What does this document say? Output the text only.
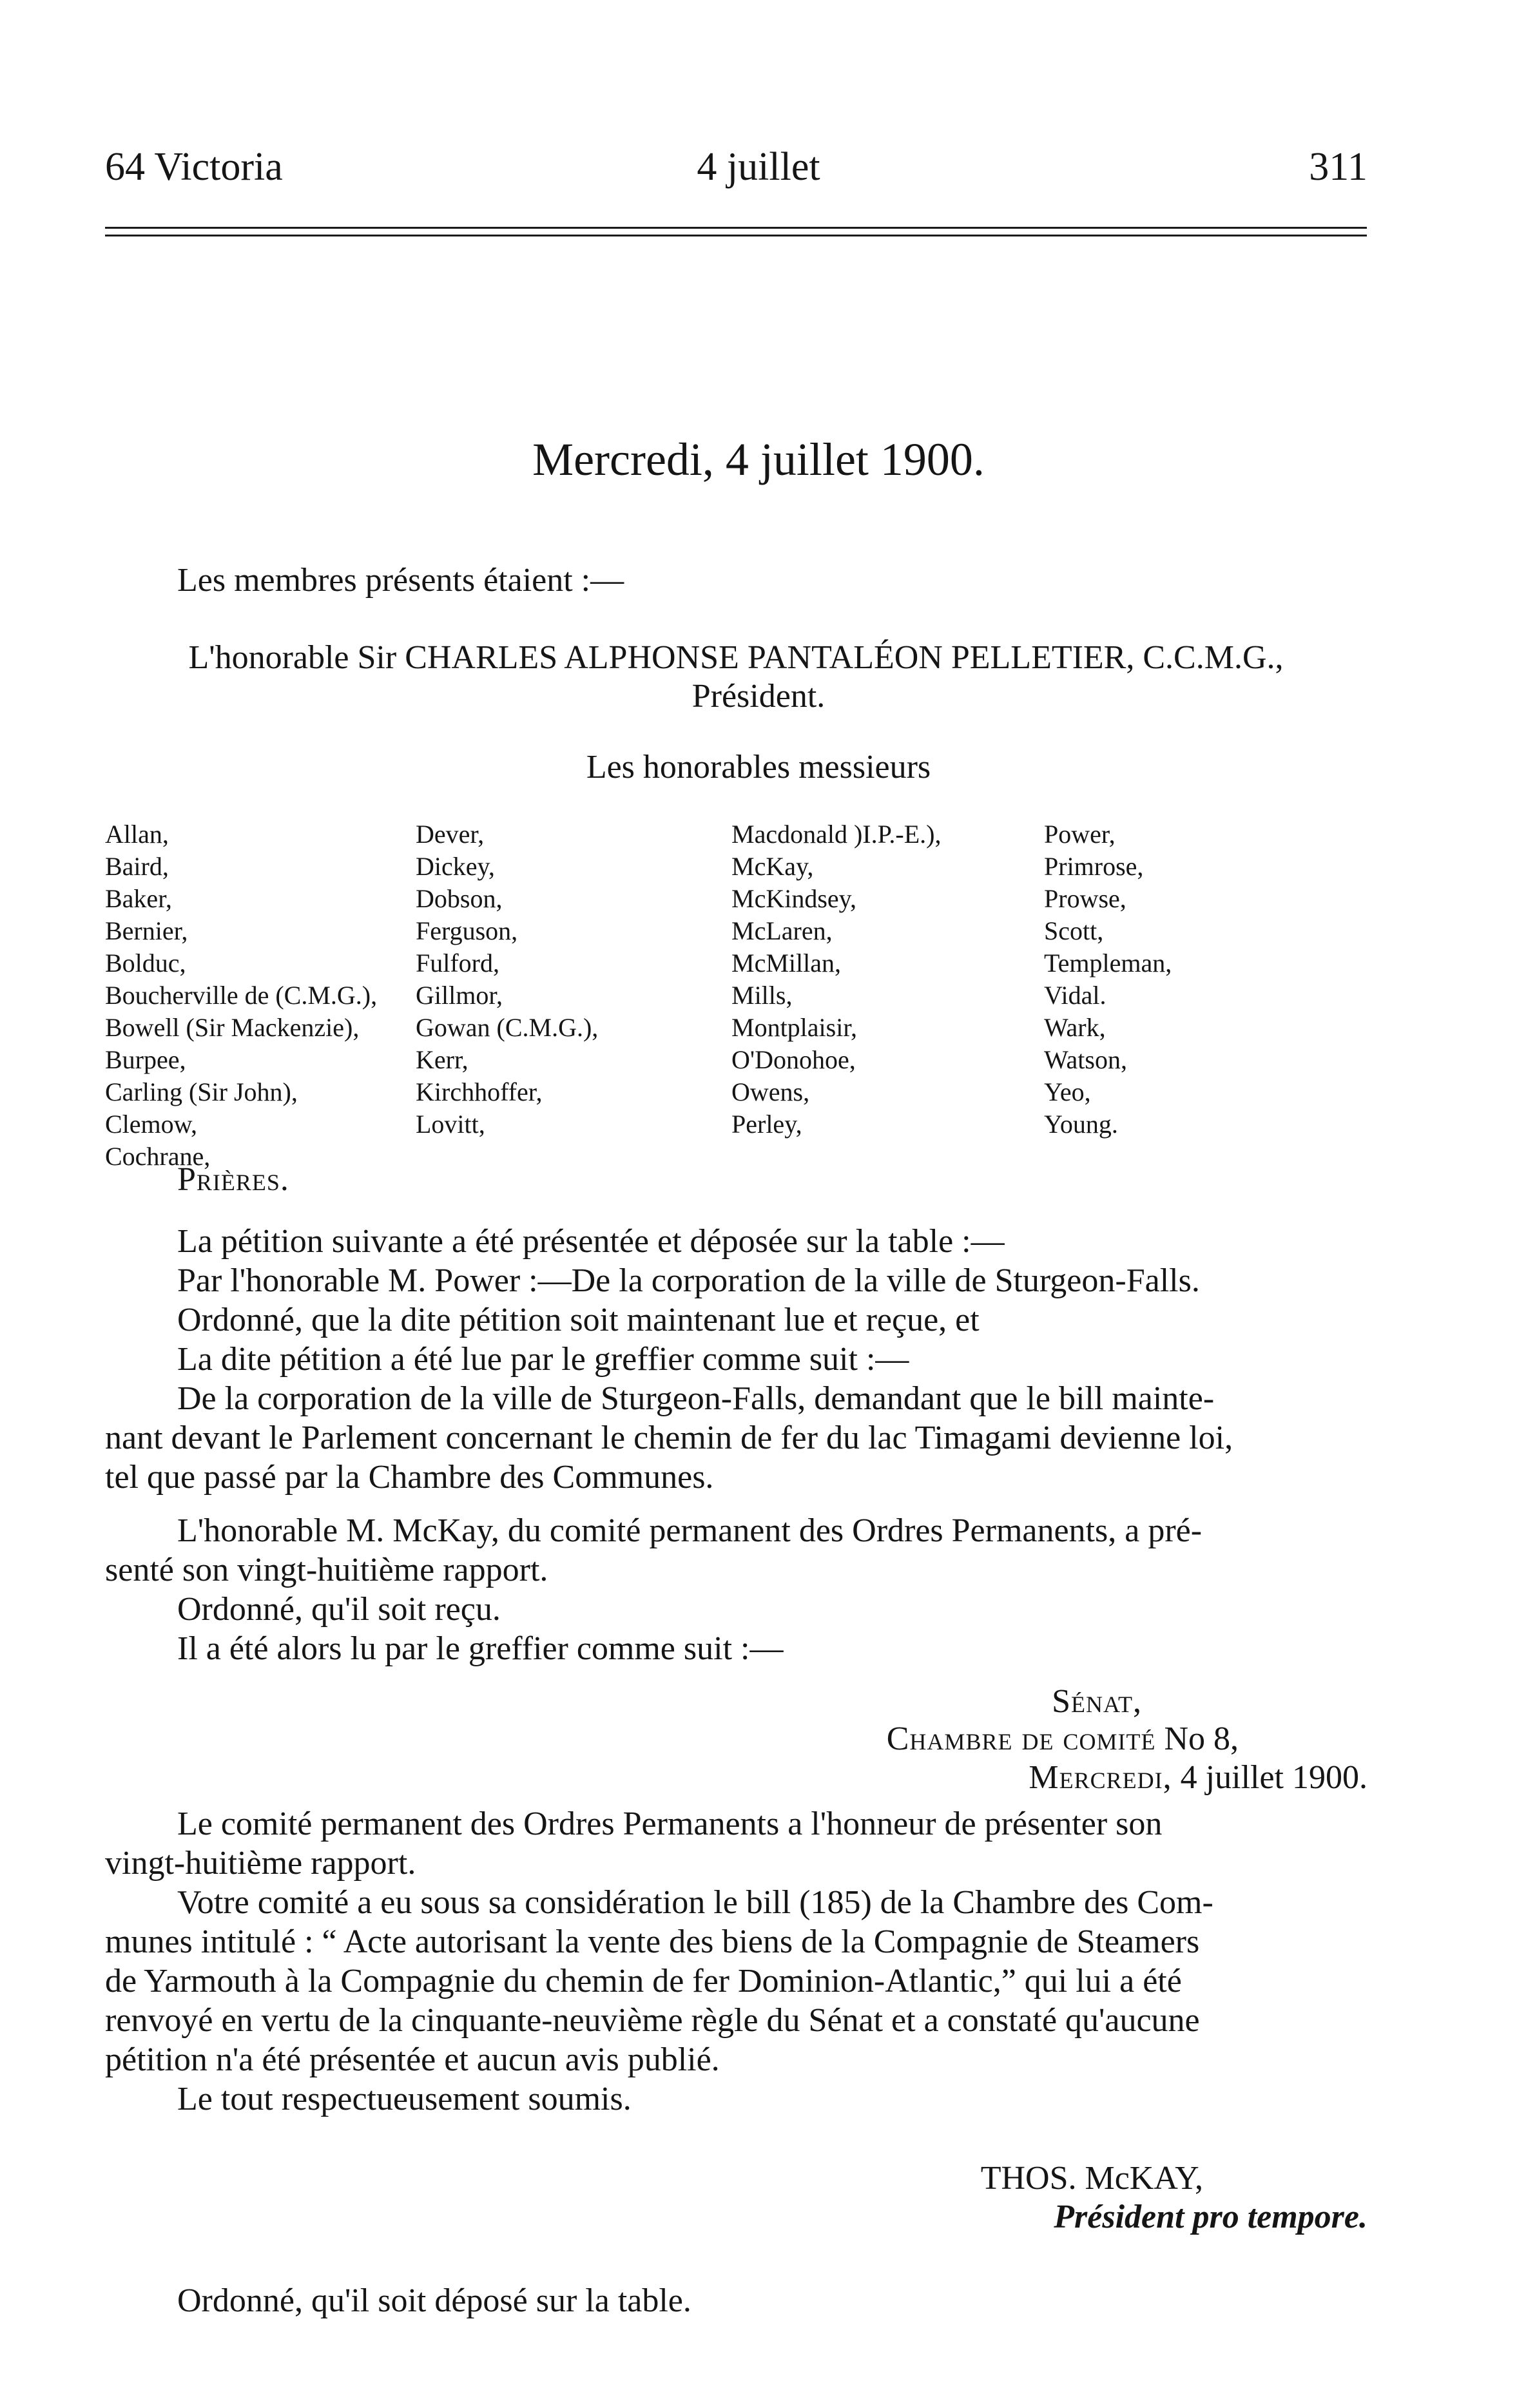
64 Victoria	4 juillet	311
Mercredi, 4 juillet 1900.
Les membres présents étaient :—
L'honorable Sir CHARLES ALPHONSE PANTALÉON PELLETIER, C.C.M.G.,
Président.
Les honorables messieurs
Allan,
Baird,
Baker,
Bernier,
Bolduc,
Boucherville de (C.M.G.),
Bowell (Sir Mackenzie),
Burpee,
Carling (Sir John),
Clemow,
Cochrane,
Dever,
Dickey,
Dobson,
Ferguson,
Fulford,
Gillmor,
Gowan (C.M.G.),
Kerr,
Kirchhoffer,
Lovitt,
Macdonald )I.P.-E.),
McKay,
McKindsey,
McLaren,
McMillan,
Mills,
Montplaisir,
O'Donohoe,
Owens,
Perley,
Power,
Primrose,
Prowse,
Scott,
Templeman,
Vidal.
Wark,
Watson,
Yeo,
Young.
Prières.
La pétition suivante a été présentée et déposée sur la table :—
Par l'honorable M. Power :—De la corporation de la ville de Sturgeon-Falls.
Ordonné, que la dite pétition soit maintenant lue et reçue, et
La dite pétition a été lue par le greffier comme suit :—
De la corporation de la ville de Sturgeon-Falls, demandant que le bill mainte-
nant devant le Parlement concernant le chemin de fer du lac Timagami devienne loi,
tel que passé par la Chambre des Communes.
L'honorable M. McKay, du comité permanent des Ordres Permanents, a pré-
senté son vingt-huitième rapport.
Ordonné, qu'il soit reçu.
Il a été alors lu par le greffier comme suit :—
Sénat,
Chambre de comité No 8,
Mercredi, 4 juillet 1900.
Le comité permanent des Ordres Permanents a l'honneur de présenter son
vingt-huitième rapport.
Votre comité a eu sous sa considération le bill (185) de la Chambre des Com-
munes intitulé : “ Acte autorisant la vente des biens de la Compagnie de Steamers
de Yarmouth à la Compagnie du chemin de fer Dominion-Atlantic,” qui lui a été
renvoyé en vertu de la cinquante-neuvième règle du Sénat et a constaté qu'aucune
pétition n'a été présentée et aucun avis publié.
Le tout respectueusement soumis.
THOS. McKAY,
Président pro tempore.
Ordonné, qu'il soit déposé sur la table.
